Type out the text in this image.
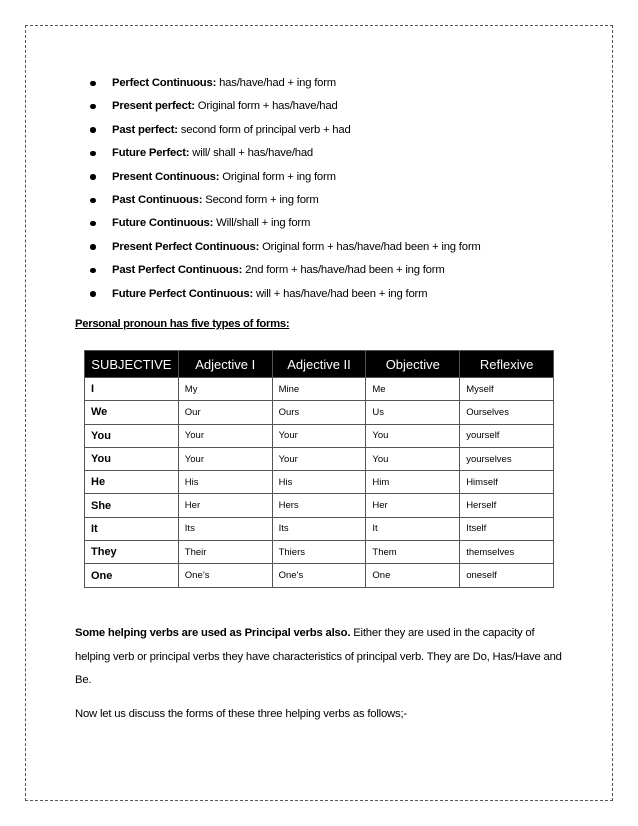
Perfect Continuous: has/have/had + ing form
Present perfect: Original form + has/have/had
Past perfect: second form of principal verb + had
Future Perfect: will/ shall + has/have/had
Present Continuous: Original form + ing form
Past Continuous: Second form + ing form
Future Continuous: Will/shall + ing form
Present Perfect Continuous: Original form + has/have/had been + ing form
Past Perfect Continuous: 2nd form + has/have/had been + ing form
Future Perfect Continuous: will + has/have/had been + ing form
Personal pronoun has five types of forms:
SUBJECTIVE	Adjective I	Adjective II	Objective	Reflexive
I	My	Mine	Me	Myself
We	Our	Ours	Us	Ourselves
You	Your	Your	You	yourself
You	Your	Your	You	yourselves
He	His	His	Him	Himself
She	Her	Hers	Her	Herself
It	Its	Its	It	Itself
They	Their	Thiers	Them	themselves
One	One’s	One’s	One	oneself

Some helping verbs are used as Principal verbs also. Either they are used in the capacity of helping verb or principal verbs they have characteristics of principal verb. They are Do, Has/Have and Be.

Now let us discuss the forms of these three helping verbs as follows;-
